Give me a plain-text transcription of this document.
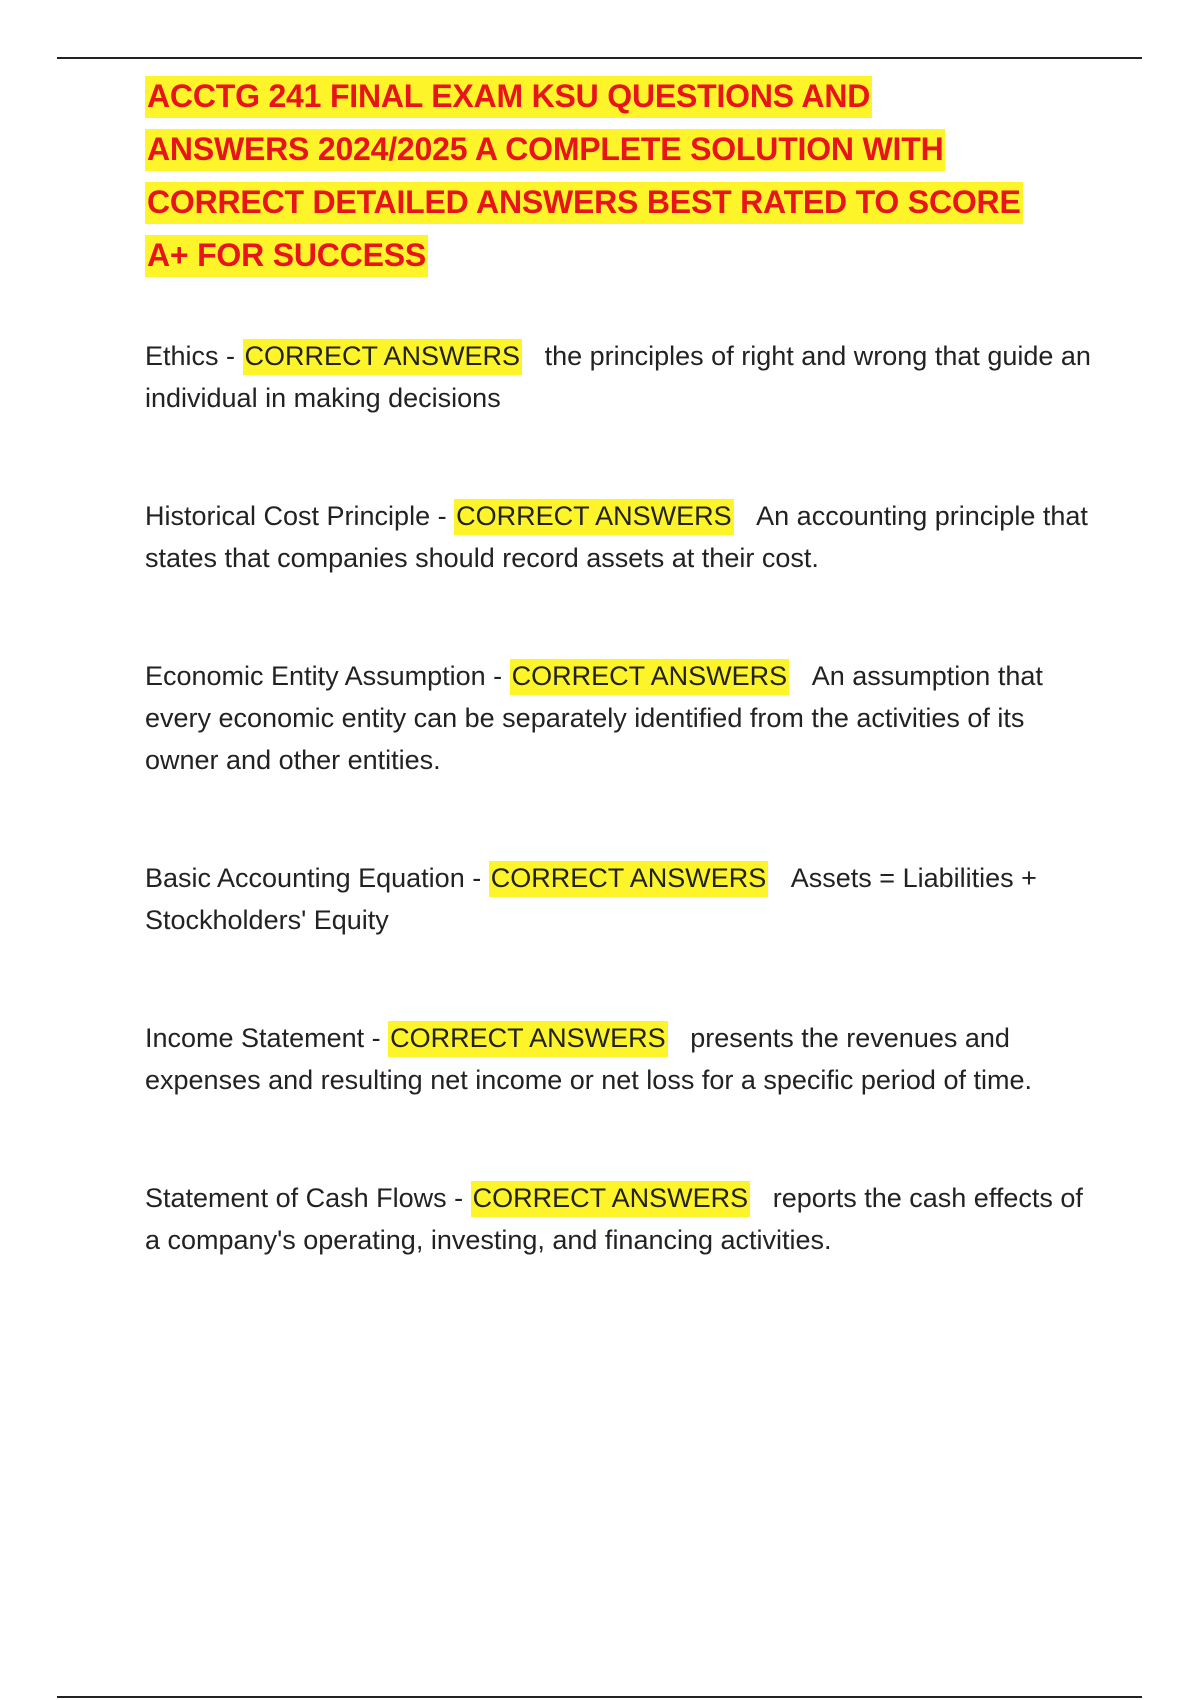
ACCTG 241 FINAL EXAM KSU QUESTIONS AND
ANSWERS 2024/2025 A COMPLETE SOLUTION WITH
CORRECT DETAILED ANSWERS BEST RATED TO SCORE
A+ FOR SUCCESS

Ethics - CORRECT ANSWERS the principles of right and wrong that guide an individual in making decisions

Historical Cost Principle - CORRECT ANSWERS An accounting principle that states that companies should record assets at their cost.

Economic Entity Assumption - CORRECT ANSWERS An assumption that every economic entity can be separately identified from the activities of its owner and other entities.

Basic Accounting Equation - CORRECT ANSWERS Assets = Liabilities + Stockholders' Equity

Income Statement - CORRECT ANSWERS presents the revenues and expenses and resulting net income or net loss for a specific period of time.

Statement of Cash Flows - CORRECT ANSWERS reports the cash effects of a company's operating, investing, and financing activities.
